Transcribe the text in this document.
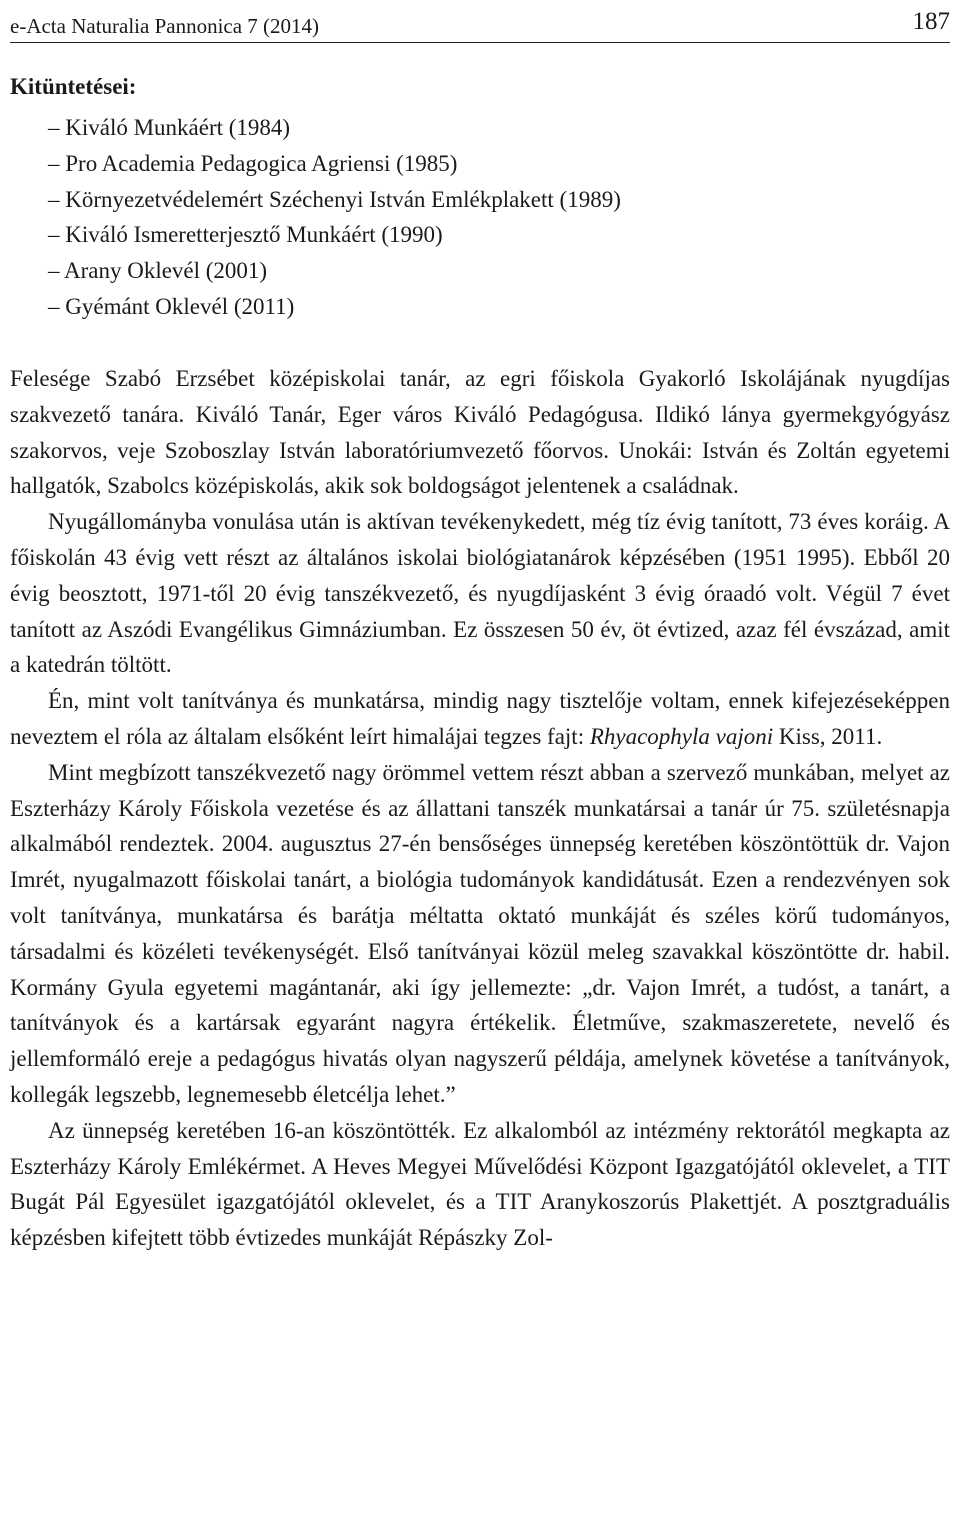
e-Acta Naturalia Pannonica 7 (2014)	187
Kitüntetései:
– Kiváló Munkáért (1984)
– Pro Academia Pedagogica Agriensi (1985)
– Környezetvédelemért Széchenyi István Emlékplakett (1989)
– Kiváló Ismeretterjesztő Munkáért (1990)
– Arany Oklevél (2001)
– Gyémánt Oklevél (2011)

Felesége Szabó Erzsébet középiskolai tanár, az egri főiskola Gyakorló Iskolájának nyugdíjas szakvezető tanára. Kiváló Tanár, Eger város Kiváló Pedagógusa. Ildikó lánya gyermekgyógyász szakorvos, veje Szoboszlay István laboratóriumvezető főorvos. Unokái: István és Zoltán egyetemi hallgatók, Szabolcs középiskolás, akik sok boldogságot jelentenek a családnak.

Nyugállományba vonulása után is aktívan tevékenykedett, még tíz évig tanított, 73 éves koráig. A főiskolán 43 évig vett részt az általános iskolai biológiatanárok képzésében (1951 1995). Ebből 20 évig beosztott, 1971-től 20 évig tanszékvezető, és nyugdíjasként 3 évig óraadó volt. Végül 7 évet tanított az Aszódi Evangélikus Gimnáziumban. Ez összesen 50 év, öt évtized, azaz fél évszázad, amit a katedrán töltött.

Én, mint volt tanítványa és munkatársa, mindig nagy tisztelője voltam, ennek kifejezéseképpen neveztem el róla az általam elsőként leírt himalájai tegzes fajt: Rhyacophyla vajoni Kiss, 2011.

Mint megbízott tanszékvezető nagy örömmel vettem részt abban a szervező munkában, melyet az Eszterházy Károly Főiskola vezetése és az állattani tanszék munkatársai a tanár úr 75. születésnapja alkalmából rendeztek. 2004. augusztus 27-én bensőséges ünnepség keretében köszöntöttük dr. Vajon Imrét, nyugalmazott főiskolai tanárt, a biológia tudományok kandidátusát. Ezen a rendezvényen sok volt tanítványa, munkatársa és barátja méltatta oktató munkáját és széles körű tudományos, társadalmi és közéleti tevékenységét. Első tanítványai közül meleg szavakkal köszöntötte dr. habil. Kormány Gyula egyetemi magántanár, aki így jellemezte: „dr. Vajon Imrét, a tudóst, a tanárt, a tanítványok és a kartársak egyaránt nagyra értékelik. Életműve, szakmaszeretete, nevelő és jellemformáló ereje a pedagógus hivatás olyan nagyszerű példája, amelynek követése a tanítványok, kollegák legszebb, legnemesebb életcélja lehet.”

Az ünnepség keretében 16-an köszöntötték. Ez alkalomból az intézmény rektorától megkapta az Eszterházy Károly Emlékérmet. A Heves Megyei Művelődési Központ Igazgatójától oklevelet, a TIT Bugát Pál Egyesület igazgatójától oklevelet, és a TIT Aranykoszorús Plakettjét. A posztgraduális képzésben kifejtett több évtizedes munkáját Répászky Zol-
